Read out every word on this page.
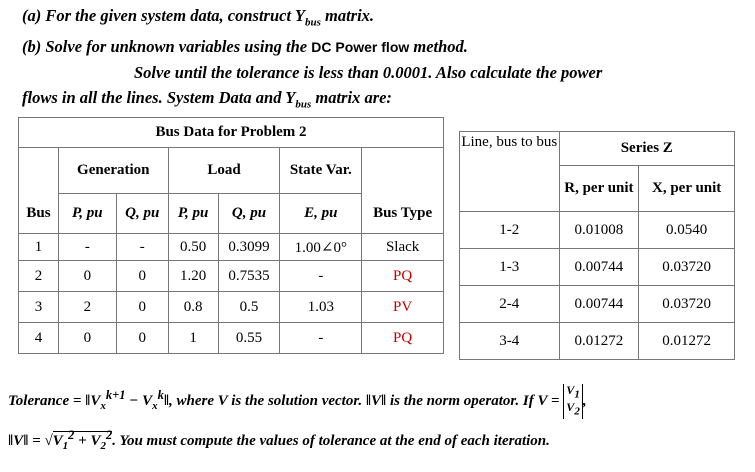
(a) For the given system data, construct $Y_{bus}$ matrix.
(b) Solve for unknown variables using the DC Power flow method.
Solve until the tolerance is less than 0.0001. Also calculate the power
flows in all the lines. System Data and $Y_{bus}$ matrix are:
Bus Data for Problem 2						
	Generation		Load		State Var.	
Bus	P, pu	Q, pu	P, pu	Q, pu	E, pu	Bus Type
1	-	-	0.50	0.3099	1.00∠0°	Slack
2	0	0	1.20	0.7535	-	PQ
3	2	0	0.8	0.5	1.03	PV
4	0	0	1	0.55	-	PQ
Line, bus to bus	Series Z	
	R, per unit	X, per unit
1-2	0.01008	0.0540
1-3	0.00744	0.03720
2-4	0.00744	0.03720
3-4	0.01272	0.01272
Tolerance = $‖V_x^{k+1}$ − $V_x^k‖$, where V is the solution vector. ‖V‖ is the norm operator. If $V = V_1$
$V_2$,
‖V‖ = $√V_1^2 + V_2^2$. You must compute the values of tolerance at the end of each iteration.
